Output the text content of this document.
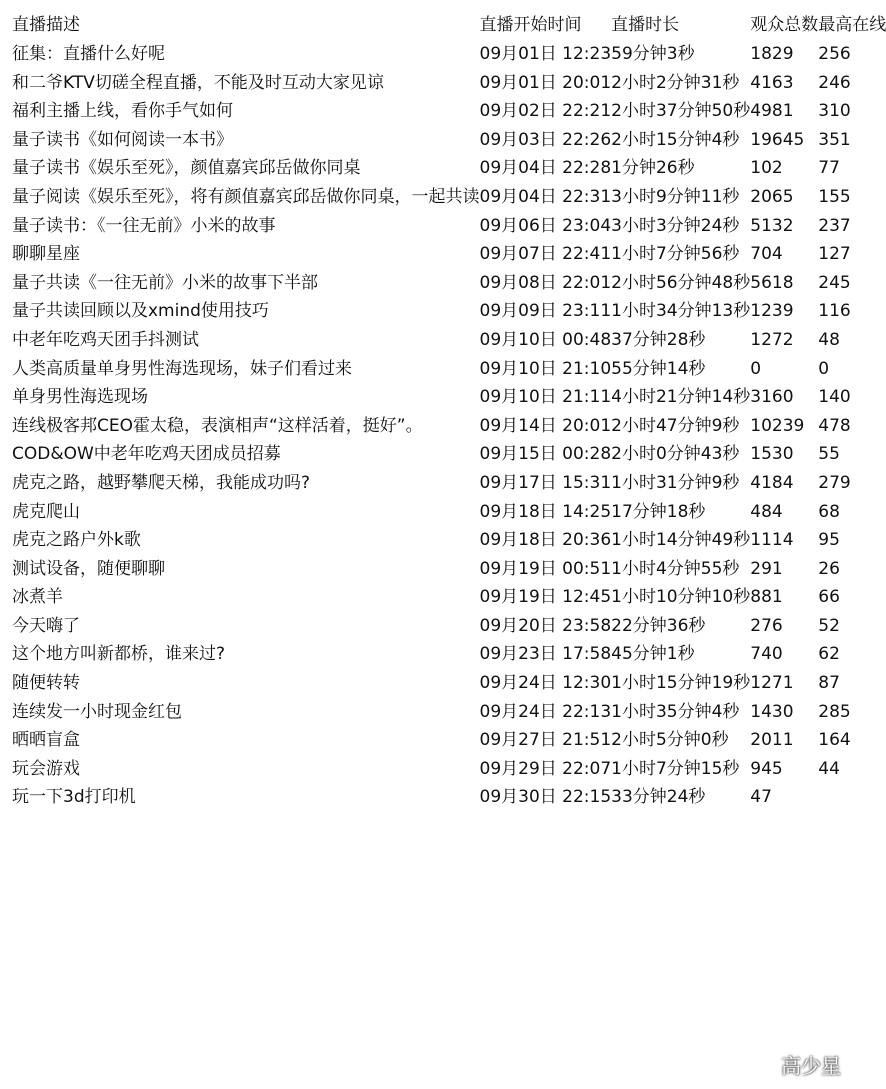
直播描述	直播开始时间	直播时长	观众总数	最高在线
征集：直播什么好呢	09月01日 12:23	59分钟3秒	1829	256
和二爷KTV切磋全程直播，不能及时互动大家见谅	09月01日 20:01	2小时2分钟31秒	4163	246
福利主播上线，看你手气如何	09月02日 22:21	2小时37分钟50秒	4981	310
量子读书《如何阅读一本书》	09月03日 22:26	2小时15分钟4秒	19645	351
量子读书《娱乐至死》，颜值嘉宾邱岳做你同桌	09月04日 22:28	1分钟26秒	102	77
量子阅读《娱乐至死》，将有颜值嘉宾邱岳做你同桌，一起共读	09月04日 22:31	3小时9分钟11秒	2065	155
量子读书：《一往无前》小米的故事	09月06日 23:04	3小时3分钟24秒	5132	237
聊聊星座	09月07日 22:41	1小时7分钟56秒	704	127
量子共读《一往无前》小米的故事下半部	09月08日 22:01	2小时56分钟48秒	5618	245
量子共读回顾以及xmind使用技巧	09月09日 23:11	1小时34分钟13秒	1239	116
中老年吃鸡天团手抖测试	09月10日 00:48	37分钟28秒	1272	48
人类高质量单身男性海选现场，妹子们看过来	09月10日 21:10	55分钟14秒	0	0
单身男性海选现场	09月10日 21:11	4小时21分钟14秒	3160	140
连线极客邦CEO霍太稳，表演相声“这样活着，挺好”。	09月14日 20:01	2小时47分钟9秒	10239	478
COD&OW中老年吃鸡天团成员招募	09月15日 00:28	2小时0分钟43秒	1530	55
虎克之路，越野攀爬天梯，我能成功吗?	09月17日 15:31	1小时31分钟9秒	4184	279
虎克爬山	09月18日 14:25	17分钟18秒	484	68
虎克之路户外k歌	09月18日 20:36	1小时14分钟49秒	1114	95
测试设备，随便聊聊	09月19日 00:51	1小时4分钟55秒	291	26
冰煮羊	09月19日 12:45	1小时10分钟10秒	881	66
今天嗨了	09月20日 23:58	22分钟36秒	276	52
这个地方叫新都桥，谁来过?	09月23日 17:58	45分钟1秒	740	62
随便转转	09月24日 12:30	1小时15分钟19秒	1271	87
连续发一小时现金红包	09月24日 22:13	1小时35分钟4秒	1430	285
晒晒盲盒	09月27日 21:51	2小时5分钟0秒	2011	164
玩会游戏	09月29日 22:07	1小时7分钟15秒	945	44
玩一下3d打印机	09月30日 22:15	33分钟24秒	47	
高少星
